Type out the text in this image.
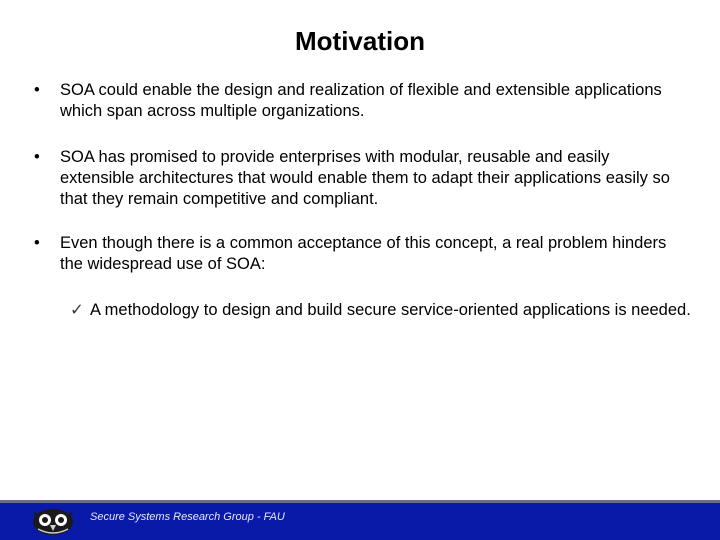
Motivation
• SOA could enable the design and realization of flexible and extensible applications which span across multiple organizations.
• SOA has promised to provide enterprises with modular, reusable and easily extensible architectures that would enable them to adapt their applications easily so that they remain competitive and compliant.
• Even though there is a common acceptance of this concept, a real problem hinders the widespread use of SOA:
✓ A methodology to design and build secure service-oriented applications is needed.
Secure Systems Research Group - FAU
